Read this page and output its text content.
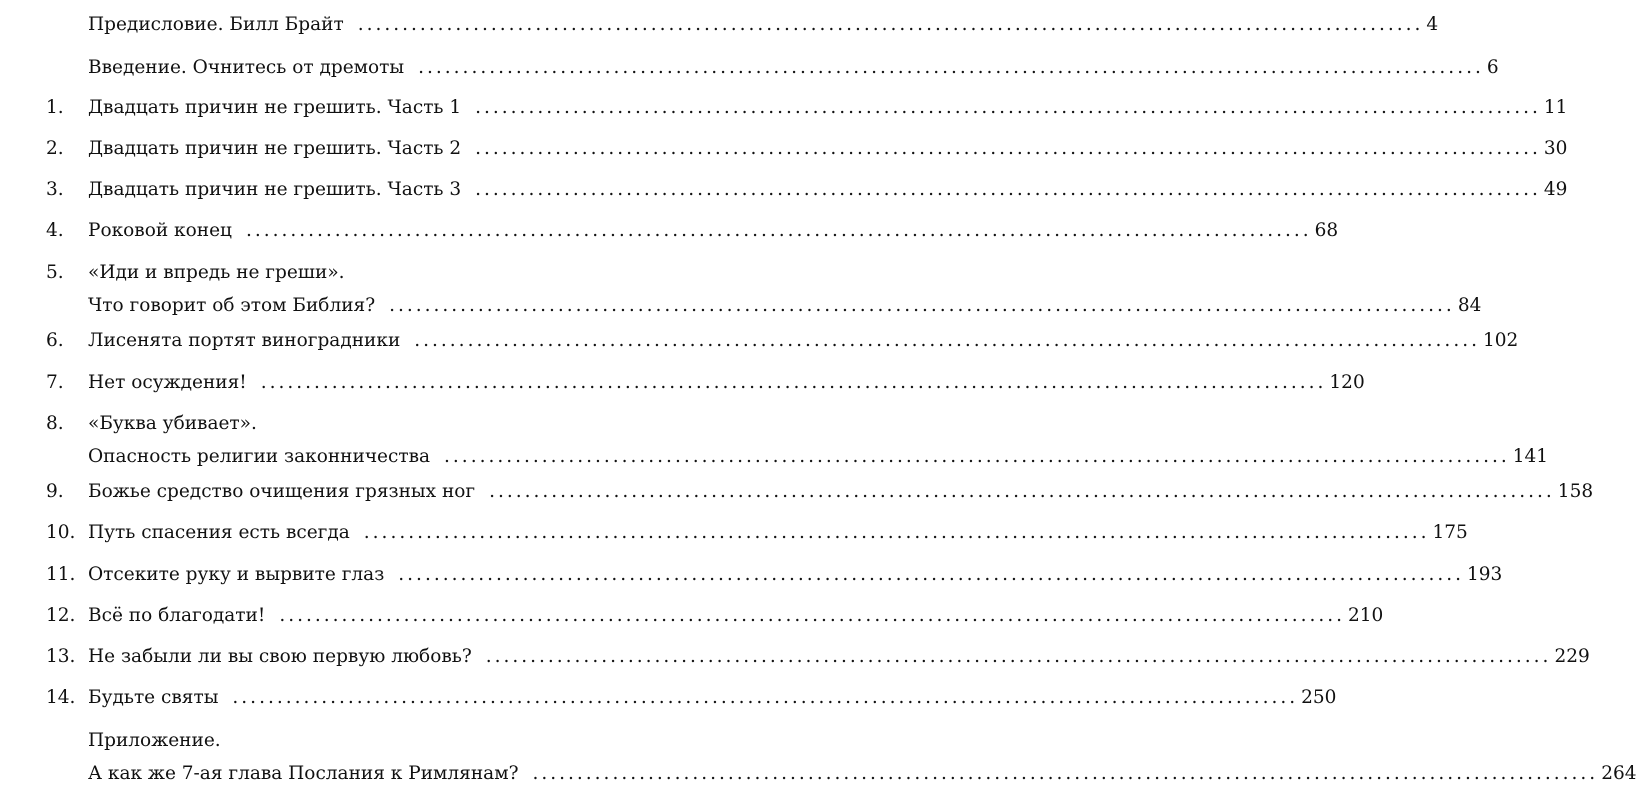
Предисловие. Билл Брайт ........................................................................................................................ 4
Введение. Очнитесь от дремоты ........................................................................................................................ 6
1. Двадцать причин не грешить. Часть 1 ........................................................................................................................ 11
2. Двадцать причин не грешить. Часть 2 ........................................................................................................................ 30
3. Двадцать причин не грешить. Часть 3 ........................................................................................................................ 49
4. Роковой конец ........................................................................................................................ 68
5. «Иди и впредь не греши».
Что говорит об этом Библия? ........................................................................................................................ 84
6. Лисенята портят виноградники ........................................................................................................................ 102
7. Нет осуждения! ........................................................................................................................ 120
8. «Буква убивает».
Опасность религии законничества ........................................................................................................................ 141
9. Божье средство очищения грязных ног ........................................................................................................................ 158
10. Путь спасения есть всегда ........................................................................................................................ 175
11. Отсеките руку и вырвите глаз ........................................................................................................................ 193
12. Всё по благодати! ........................................................................................................................ 210
13. Не забыли ли вы свою первую любовь? ........................................................................................................................ 229
14. Будьте святы ........................................................................................................................ 250
Приложение.
А как же 7-ая глава Послания к Римлянам? ........................................................................................................................ 264
